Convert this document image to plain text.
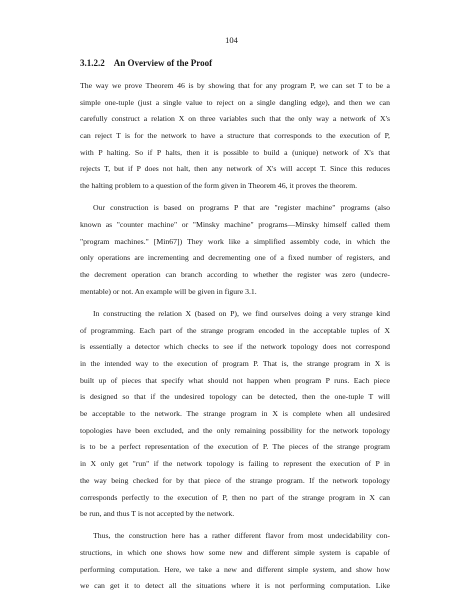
104
3.1.2.2 An Overview of the Proof
The way we prove Theorem 46 is by showing that for any program P, we can set T to be a
simple one-tuple (just a single value to reject on a single dangling edge), and then we can
carefully construct a relation X on three variables such that the only way a network of X's
can reject T is for the network to have a structure that corresponds to the execution of P,
with P halting. So if P halts, then it is possible to build a (unique) network of X's that
rejects T, but if P does not halt, then any network of X's will accept T. Since this reduces
the halting problem to a question of the form given in Theorem 46, it proves the theorem.
Our construction is based on programs P that are "register machine" programs (also
known as "counter machine" or "Minsky machine" programs—Minsky himself called them
"program machines." [Min67]) They work like a simplified assembly code, in which the
only operations are incrementing and decrementing one of a fixed number of registers, and
the decrement operation can branch according to whether the register was zero (undecre-
mentable) or not. An example will be given in figure 3.1.
In constructing the relation X (based on P), we find ourselves doing a very strange kind
of programming. Each part of the strange program encoded in the acceptable tuples of X
is essentially a detector which checks to see if the network topology does not correspond
in the intended way to the execution of program P. That is, the strange program in X is
built up of pieces that specify what should not happen when program P runs. Each piece
is designed so that if the undesired topology can be detected, then the one-tuple T will
be acceptable to the network. The strange program in X is complete when all undesired
topologies have been excluded, and the only remaining possibility for the network topology
is to be a perfect representation of the execution of P. The pieces of the strange program
in X only get "run" if the network topology is failing to represent the execution of P in
the way being checked for by that piece of the strange program. If the network topology
corresponds perfectly to the execution of P, then no part of the strange program in X can
be run, and thus T is not accepted by the network.
Thus, the construction here has a rather different flavor from most undecidability con-
structions, in which one shows how some new and different simple system is capable of
performing computation. Here, we take a new and different simple system, and show how
we can get it to detect all the situations where it is not performing computation. Like
